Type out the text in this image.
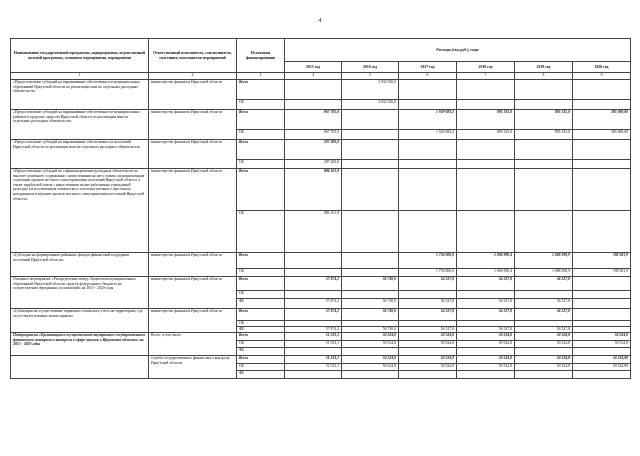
4
Наименование государственной программы, подпрограммы, ведомственной целевой программы, основного мероприятия, мероприятия	Ответственный исполнитель, соисполнитель, участники, исполнители мероприятий	Источники финансирования	Расходы (тыс.руб.), годы					
			2015 год	2016 год	2017 год	2018 год	2019 год	2020 год
1	2	3	4	5	6	7	8	9
«Предоставление субсидий на выравнивание обеспеченности муниципальных образований Иркутской области по реализации ими их отдельных расходных обязательств»	министерство финансов Иркутской области	Всего		3 032 926,0				
		ОБ		3 032 926,0				
«Предоставление субсидий на выравнивание обеспеченности муниципальных районов (городских округов) Иркутской области по реализации ими их отдельных расходных обязательств»	министерство финансов Иркутской области	Всего	967 705,0		1 929 683,2	895 335,0	895 335,0	385 000,00
		ОБ	967 705,0		1 929 683,2	895 335,0	895 335,0	385 000,00
«Предоставление субсидий на выравнивание обеспеченности поселений Иркутской области по реализации ими их отдельных расходных обязательств»	министерство финансов Иркутской области	Всего	287 200,0					
		ОБ	287 200,0					
«Предоставление субсидий на софинансирование расходных обязательств по выплате денежного содержания с начислениями на него главам, муниципальным служащим органов местного самоуправления поселений Иркутской области, а также заработной платы с начислениями на нее работникам учреждений культуры (за исключением технического и вспомогательного персонала), находящихся в ведении органов местного самоуправления поселений Иркутской области»	министерство финансов Иркутской области	Всего	886 101,0					
		ОБ	886 101,0					
«Субсидии на формирование районных фондов финансовой поддержки поселений Иркутской области»	министерство финансов Иркутской области	Всего			1 750 000,0	1 094 990,4	1 088 290,9	788 381,9
		ОБ			1 750 000,0	1 094 990,4	1 088 290,9	788 381,9
Основное мероприятие «Распределение между бюджетами муниципальных образований Иркутской области средств федерального бюджета на осуществление переданных полномочий» на 2015 - 2020 годы	министерство финансов Иркутской области	Всего	57 874,2	56 730,0	56 527,8	56 527,8	56 527,8	
		ОБ						
		ФБ	57 874,2	56 730,0	56 527,8	56 527,8	56 527,8	
«Субвенции на осуществление первичного воинского учета на территориях, где отсутствуют военные комиссариаты»	министерство финансов Иркутской области	Всего	57 874,2	56 730,0	56 527,8	56 527,8	56 527,8	
		ОБ						
		ФБ	57 874,2	56 730,0	56 527,8	56 527,8	56 527,8	
Подпрограмма «Организация и осуществление внутреннего государственного финансового контроля и контроля в сфере закупок в Иркутской области» на 2015 - 2020 годы	Всего, в том числе	Всего	51 533,1	50 524,8	50 524,8	50 524,8	50 524,8	50 524,8
		ОБ	51 533,1	50 524,8	50 524,8	50 524,8	50 524,8	50 524,8
		ФБ						
	служба государственного финансового контроля Иркутской области	Всего	51 533,1	50 524,8	50 524,8	50 524,8	50 524,8	50 524,80
		ОБ	51 533,1	50 524,8	50 524,8	50 524,8	50 524,8	50 524,80
		ФБ						
